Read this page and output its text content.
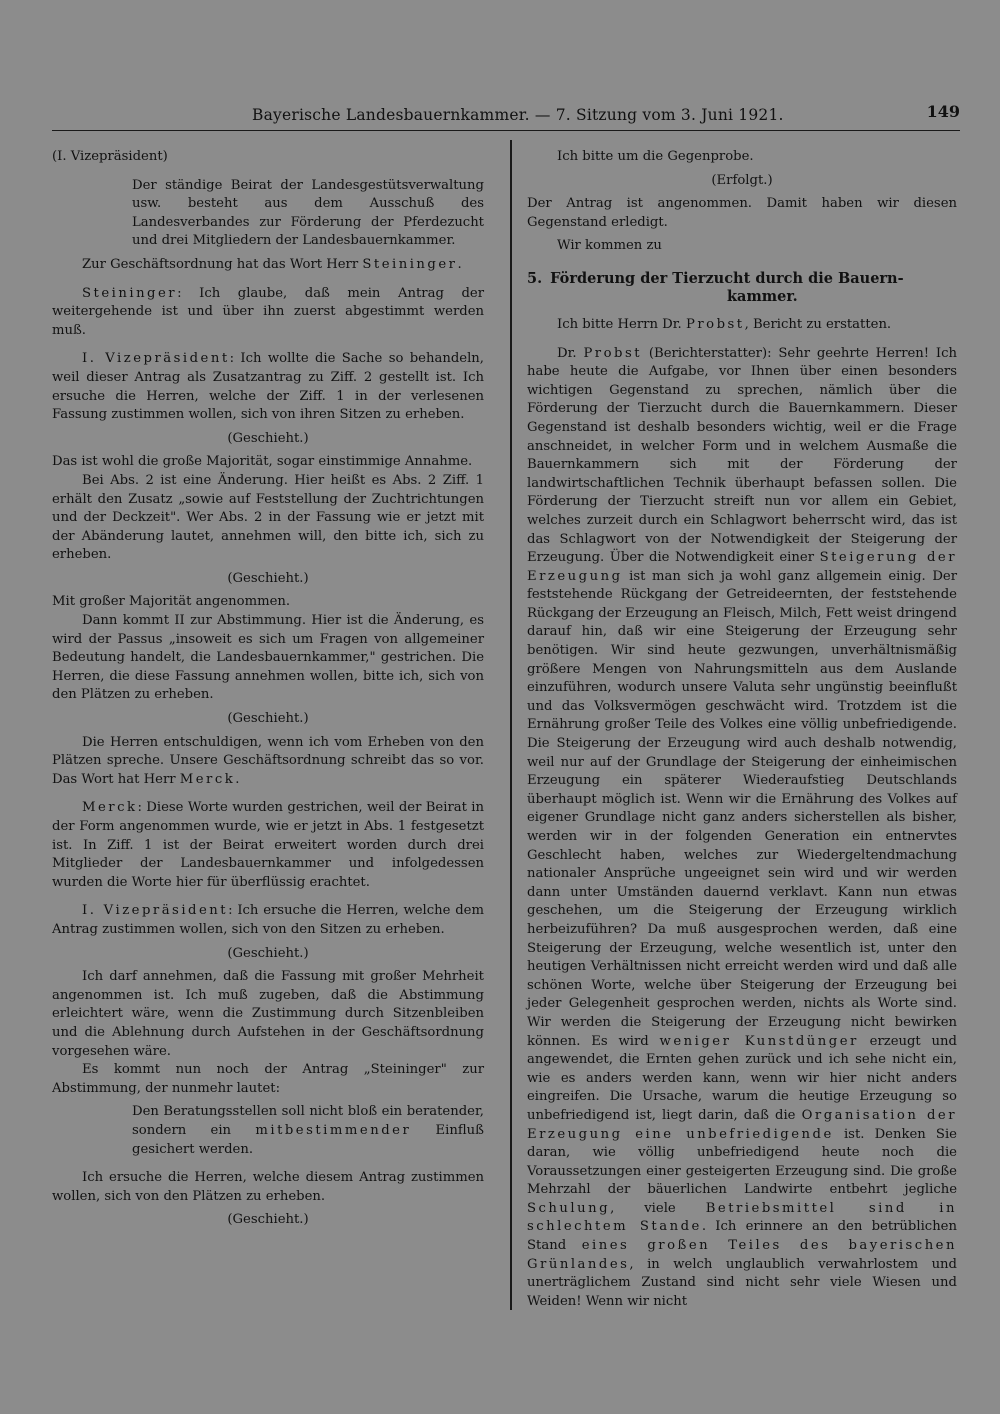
Bayerische Landesbauernkammer. — 7. Sitzung vom 3. Juni 1921.	149

(I. Vizepräsident)

Der ständige Beirat der Landesgestütsverwaltung usw. besteht aus dem Ausschuß des Landesverbandes zur Förderung der Pferdezucht und drei Mitgliedern der Landesbauernkammer.

Zur Geschäftsordnung hat das Wort Herr Steininger.

Steininger: Ich glaube, daß mein Antrag der weitergehende ist und über ihn zuerst abgestimmt werden muß.

I. Vizepräsident: Ich wollte die Sache so behandeln, weil dieser Antrag als Zusatzantrag zu Ziff. 2 gestellt ist. Ich ersuche die Herren, welche der Ziff. 1 in der verlesenen Fassung zustimmen wollen, sich von ihren Sitzen zu erheben.

(Geschieht.)

Das ist wohl die große Majorität, sogar einstimmige Annahme.

Bei Abs. 2 ist eine Änderung. Hier heißt es Abs. 2 Ziff. 1 erhält den Zusatz „sowie auf Feststellung der Zuchtrichtungen und der Deckzeit". Wer Abs. 2 in der Fassung wie er jetzt mit der Abänderung lautet, annehmen will, den bitte ich, sich zu erheben.

(Geschieht.)

Mit großer Majorität angenommen.

Dann kommt II zur Abstimmung. Hier ist die Änderung, es wird der Passus „insoweit es sich um Fragen von allgemeiner Bedeutung handelt, die Landesbauernkammer," gestrichen. Die Herren, die diese Fassung annehmen wollen, bitte ich, sich von den Plätzen zu erheben.

(Geschieht.)

Die Herren entschuldigen, wenn ich vom Erheben von den Plätzen spreche. Unsere Geschäftsordnung schreibt das so vor. Das Wort hat Herr Merck.

Merck: Diese Worte wurden gestrichen, weil der Beirat in der Form angenommen wurde, wie er jetzt in Abs. 1 festgesetzt ist. In Ziff. 1 ist der Beirat erweitert worden durch drei Mitglieder der Landesbauernkammer und infolgedessen wurden die Worte hier für überflüssig erachtet.

I. Vizepräsident: Ich ersuche die Herren, welche dem Antrag zustimmen wollen, sich von den Sitzen zu erheben.

(Geschieht.)

Ich darf annehmen, daß die Fassung mit großer Mehrheit angenommen ist. Ich muß zugeben, daß die Abstimmung erleichtert wäre, wenn die Zustimmung durch Sitzenbleiben und die Ablehnung durch Aufstehen in der Geschäftsordnung vorgesehen wäre.

Es kommt nun noch der Antrag „Steininger" zur Abstimmung, der nunmehr lautet:

Den Beratungsstellen soll nicht bloß ein beratender, sondern ein mitbestimmender Einfluß gesichert werden.

Ich ersuche die Herren, welche diesem Antrag zustimmen wollen, sich von den Plätzen zu erheben.

(Geschieht.)

Ich bitte um die Gegenprobe.

(Erfolgt.)

Der Antrag ist angenommen. Damit haben wir diesen Gegenstand erledigt.

Wir kommen zu

5. Förderung der Tierzucht durch die Bauern-
kammer.

Ich bitte Herrn Dr. Probst, Bericht zu erstatten.

Dr. Probst (Berichterstatter): Sehr geehrte Herren! Ich habe heute die Aufgabe, vor Ihnen über einen besonders wichtigen Gegenstand zu sprechen, nämlich über die Förderung der Tierzucht durch die Bauernkammern. Dieser Gegenstand ist deshalb besonders wichtig, weil er die Frage anschneidet, in welcher Form und in welchem Ausmaße die Bauernkammern sich mit der Förderung der landwirtschaftlichen Technik überhaupt befassen sollen. Die Förderung der Tierzucht streift nun vor allem ein Gebiet, welches zurzeit durch ein Schlagwort beherrscht wird, das ist das Schlagwort von der Notwendigkeit der Steigerung der Erzeugung. Über die Notwendigkeit einer Steigerung der Erzeugung ist man sich ja wohl ganz allgemein einig. Der feststehende Rückgang der Getreideernten, der feststehende Rückgang der Erzeugung an Fleisch, Milch, Fett weist dringend darauf hin, daß wir eine Steigerung der Erzeugung sehr benötigen. Wir sind heute gezwungen, unverhältnismäßig größere Mengen von Nahrungsmitteln aus dem Auslande einzuführen, wodurch unsere Valuta sehr ungünstig beeinflußt und das Volksvermögen geschwächt wird. Trotzdem ist die Ernährung großer Teile des Volkes eine völlig unbefriedigende. Die Steigerung der Erzeugung wird auch deshalb notwendig, weil nur auf der Grundlage der Steigerung der einheimischen Erzeugung ein späterer Wiederaufstieg Deutschlands überhaupt möglich ist. Wenn wir die Ernährung des Volkes auf eigener Grundlage nicht ganz anders sicherstellen als bisher, werden wir in der folgenden Generation ein entnervtes Geschlecht haben, welches zur Wiedergeltendmachung nationaler Ansprüche ungeeignet sein wird und wir werden dann unter Umständen dauernd verklavt. Kann nun etwas geschehen, um die Steigerung der Erzeugung wirklich herbeizuführen? Da muß ausgesprochen werden, daß eine Steigerung der Erzeugung, welche wesentlich ist, unter den heutigen Verhältnissen nicht erreicht werden wird und daß alle schönen Worte, welche über Steigerung der Erzeugung bei jeder Gelegenheit gesprochen werden, nichts als Worte sind. Wir werden die Steigerung der Erzeugung nicht bewirken können. Es wird weniger Kunstdünger erzeugt und angewendet, die Ernten gehen zurück und ich sehe nicht ein, wie es anders werden kann, wenn wir hier nicht anders eingreifen. Die Ursache, warum die heutige Erzeugung so unbefriedigend ist, liegt darin, daß die Organisation der Erzeugung eine unbefriedigende ist. Denken Sie daran, wie völlig unbefriedigend heute noch die Voraussetzungen einer gesteigerten Erzeugung sind. Die große Mehrzahl der bäuerlichen Landwirte entbehrt jegliche Schulung, viele Betriebsmittel sind in schlechtem Stande. Ich erinnere an den betrüblichen Stand eines großen Teiles des bayerischen Grünlandes, in welch unglaublich verwahrlostem und unerträglichem Zustand sind nicht sehr viele Wiesen und Weiden! Wenn wir nicht
